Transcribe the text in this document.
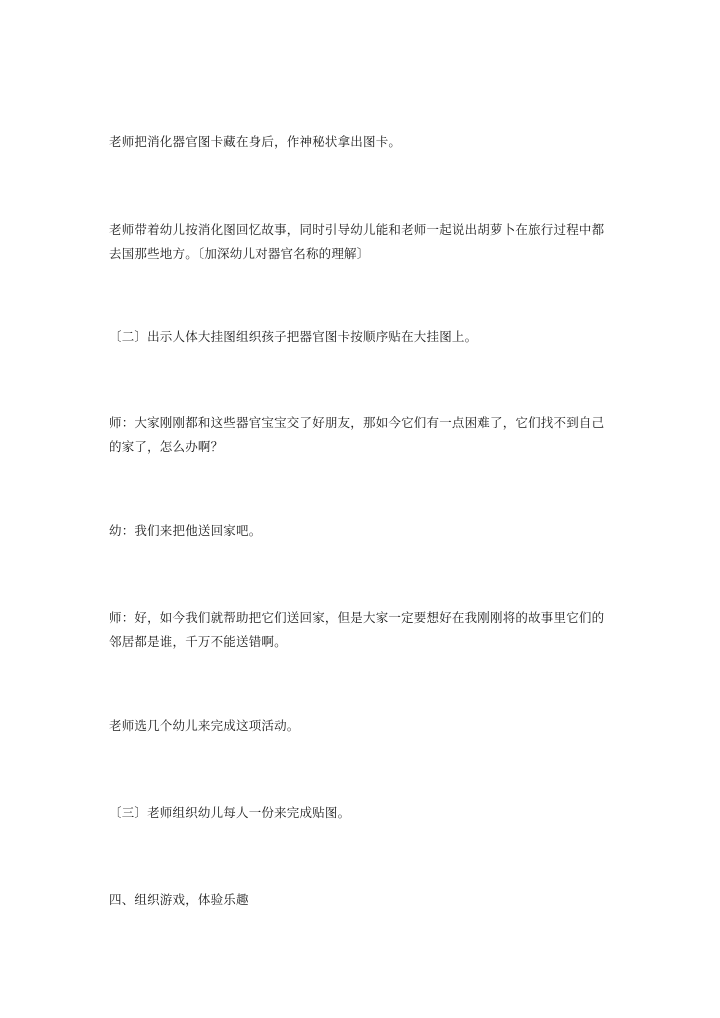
老师把消化器官图卡藏在身后，作神秘状拿出图卡。

老师带着幼儿按消化图回忆故事，同时引导幼儿能和老师一起说出胡萝卜在旅行过程中都去国那些地方。〔加深幼儿对器官名称的理解〕

〔二〕出示人体大挂图组织孩子把器官图卡按顺序贴在大挂图上。

师：大家刚刚都和这些器官宝宝交了好朋友，那如今它们有一点困难了，它们找不到自己的家了，怎么办啊？

幼：我们来把他送回家吧。

师：好，如今我们就帮助把它们送回家，但是大家一定要想好在我刚刚将的故事里它们的邻居都是谁，千万不能送错啊。

老师选几个幼儿来完成这项活动。

〔三〕老师组织幼儿每人一份来完成贴图。

四、组织游戏，体验乐趣
